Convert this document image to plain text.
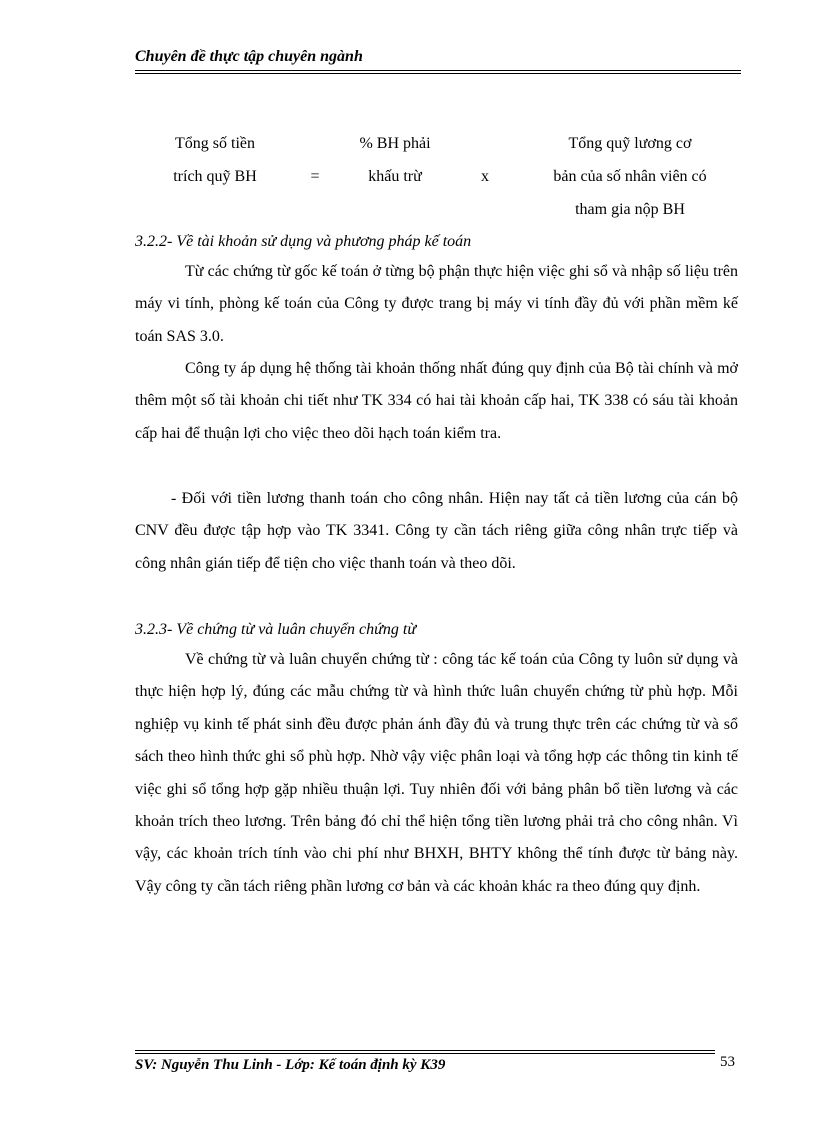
Chuyên đề thực tập chuyên ngành
Tổng số tiền
trích quỹ BH	=
% BH phải
khấu trừ	x
Tổng quỹ lương cơ
bản của số nhân viên có
tham gia nộp BH
3.2.2- Về tài khoản sử dụng và phương pháp kế toán

Từ các chứng từ gốc kế toán ở từng bộ phận thực hiện việc ghi sổ và nhập số liệu trên máy vi tính, phòng kế toán của Công ty được trang bị máy vi tính đầy đủ với phần mềm kế toán SAS 3.0.

Công ty áp dụng hệ thống tài khoản thống nhất đúng quy định của Bộ tài chính và mở thêm một số tài khoản chi tiết như TK 334 có hai tài khoản cấp hai, TK 338 có sáu tài khoản cấp hai để thuận lợi cho việc theo dõi hạch toán kiểm tra.

- Đối với tiền lương thanh toán cho công nhân. Hiện nay tất cả tiền lương của cán bộ CNV đều được tập hợp vào TK 3341. Công ty cần tách riêng giữa công nhân trực tiếp và công nhân gián tiếp để tiện cho việc thanh toán và theo dõi.

3.2.3- Về chứng từ và luân chuyển chứng từ

Về chứng từ và luân chuyển chứng từ : công tác kế toán của Công ty luôn sử dụng và thực hiện hợp lý, đúng các mẫu chứng từ và hình thức luân chuyển chứng từ phù hợp. Mỗi nghiệp vụ kinh tế phát sinh đều được phản ánh đầy đủ và trung thực trên các chứng từ và sổ sách theo hình thức ghi sổ phù hợp. Nhờ vậy việc phân loại và tổng hợp các thông tin kinh tế việc ghi sổ tổng hợp gặp nhiều thuận lợi. Tuy nhiên đối với bảng phân bổ tiền lương và các khoản trích theo lương. Trên bảng đó chỉ thể hiện tổng tiền lương phải trả cho công nhân. Vì vậy, các khoản trích tính vào chi phí như BHXH, BHTY không thể tính được từ bảng này. Vậy công ty cần tách riêng phần lương cơ bản và các khoản khác ra theo đúng quy định.

SV: Nguyễn Thu Linh - Lớp: Kế toán định kỳ K39	53
